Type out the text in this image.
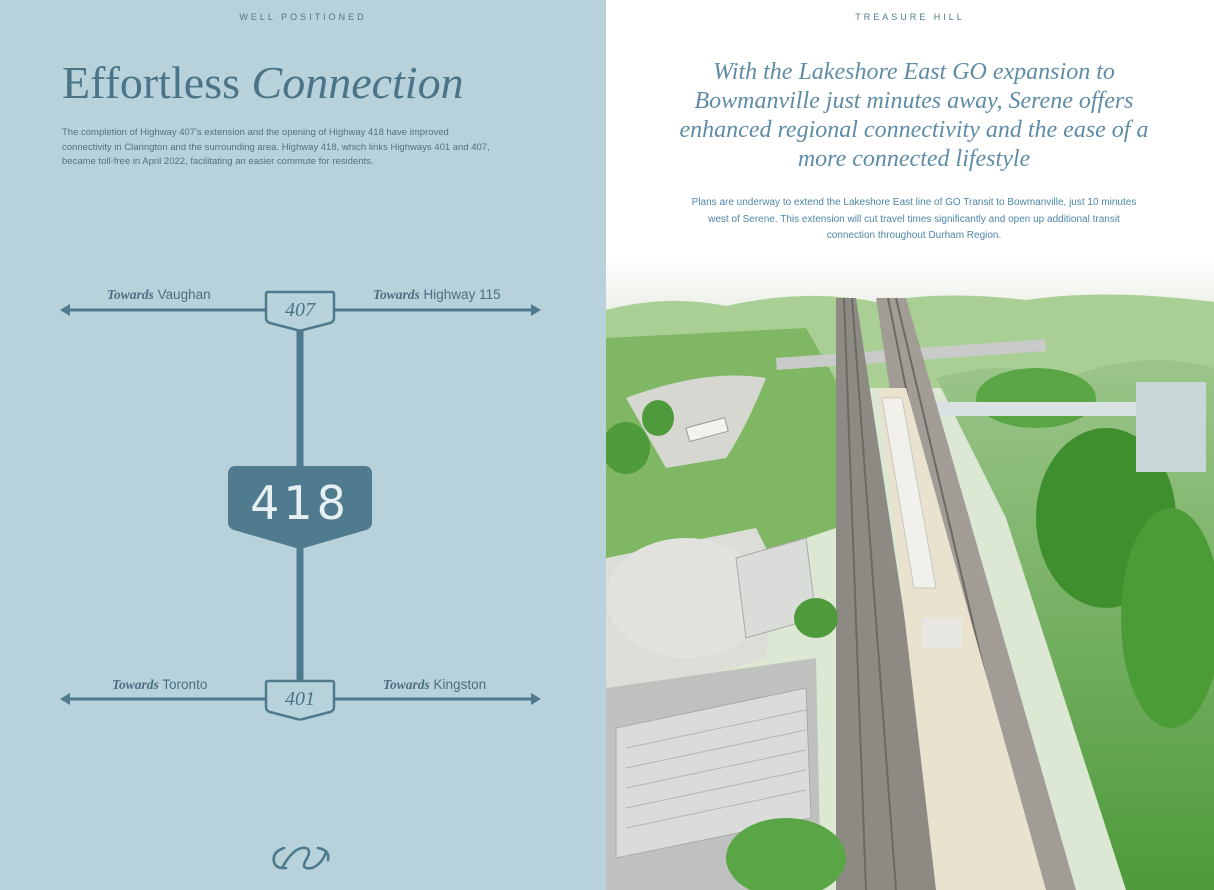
WELL POSITIONED
Effortless Connection
The completion of Highway 407's extension and the opening of Highway 418 have improved connectivity in Clarington and the surrounding area. Highway 418, which links Highways 401 and 407, became toll-free in April 2022, facilitating an easier commute for residents.
Towards Vaughan	Towards Highway 115
Towards Toronto	Towards Kingston
407
401
418
TREASURE HILL
With the Lakeshore East GO expansion to Bowmanville just minutes away, Serene offers enhanced regional connectivity and the ease of a more connected lifestyle
Plans are underway to extend the Lakeshore East line of GO Transit to Bowmanville, just 10 minutes west of Serene. This extension will cut travel times significantly and open up additional transit connection throughout Durham Region.
